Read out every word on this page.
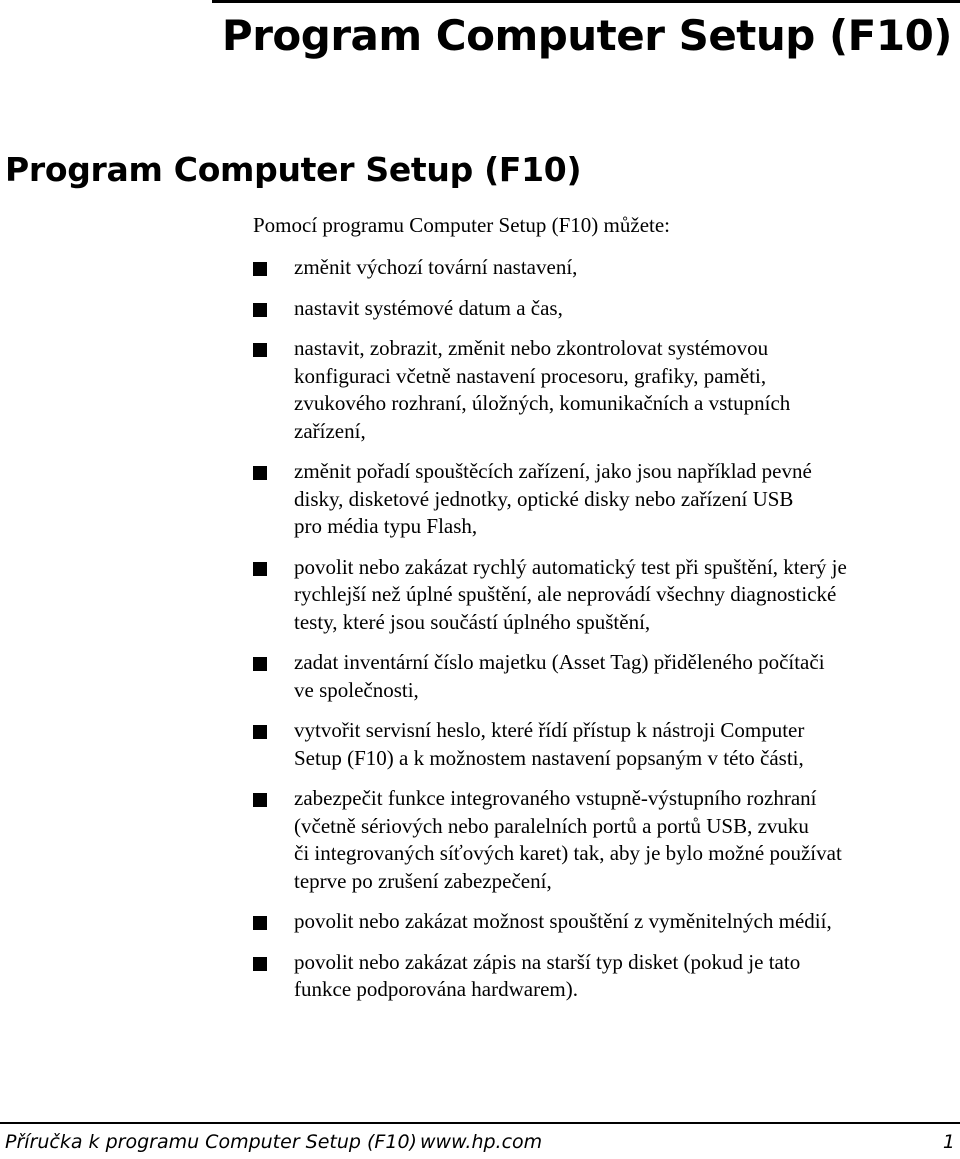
Program Computer Setup (F10)
Program Computer Setup (F10)

Pomocí programu Computer Setup (F10) můžete:

změnit výchozí tovární nastavení,
nastavit systémové datum a čas,
nastavit, zobrazit, změnit nebo zkontrolovat systémovou
konfiguraci včetně nastavení procesoru, grafiky, paměti,
zvukového rozhraní, úložných, komunikačních a vstupních
zařízení,
změnit pořadí spouštěcích zařízení, jako jsou například pevné
disky, disketové jednotky, optické disky nebo zařízení USB
pro média typu Flash,
povolit nebo zakázat rychlý automatický test při spuštění, který je
rychlejší než úplné spuštění, ale neprovádí všechny diagnostické
testy, které jsou součástí úplného spuštění,
zadat inventární číslo majetku (Asset Tag) přiděleného počítači
ve společnosti,
vytvořit servisní heslo, které řídí přístup k nástroji Computer
Setup (F10) a k možnostem nastavení popsaným v této části,
zabezpečit funkce integrovaného vstupně-výstupního rozhraní
(včetně sériových nebo paralelních portů a portů USB, zvuku
či integrovaných síťových karet) tak, aby je bylo možné používat
teprve po zrušení zabezpečení,
povolit nebo zakázat možnost spouštění z vyměnitelných médií,
povolit nebo zakázat zápis na starší typ disket (pokud je tato
funkce podporována hardwarem).
Příručka k programu Computer Setup (F10) www.hp.com	1
